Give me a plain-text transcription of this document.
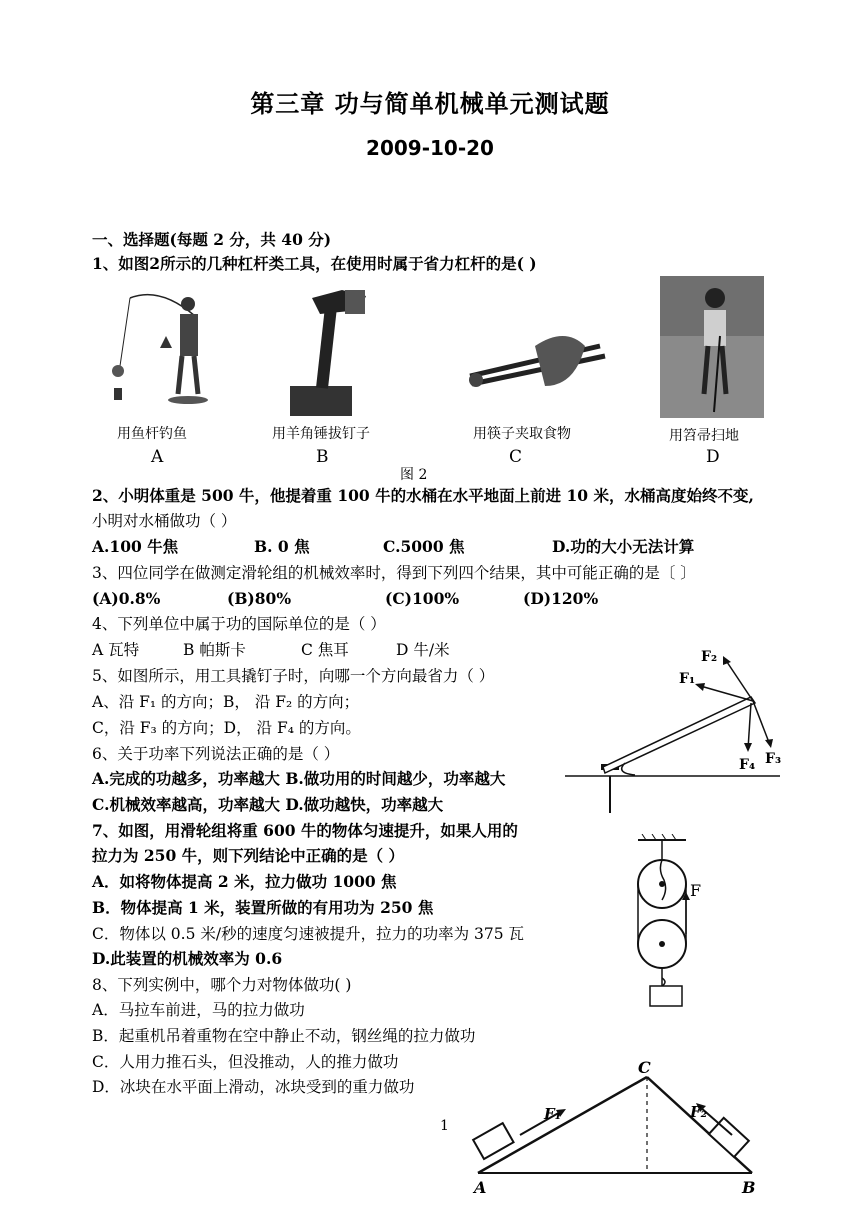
第三章 功与简单机械单元测试题
2009-10-20
一、选择题(每题 2 分，共 40 分)
1、如图2所示的几种杠杆类工具，在使用时属于省力杠杆的是( )
用鱼杆钓鱼	用羊角锤拔钉子	用筷子夹取食物	用笤帚扫地
A	B	C	D
图 2
2、小明体重是 500 牛，他提着重 100 牛的水桶在水平地面上前进 10 米，水桶高度始终不变,
小明对水桶做功（ ）
A.100 牛焦	B. 0 焦	C.5000 焦	D.功的大小无法计算
3、四位同学在做测定滑轮组的机械效率时，得到下列四个结果，其中可能正确的是〔 〕
(A)0.8%	(B)80%	(C)100%	(D)120%
4、下列单位中属于功的国际单位的是（ ）
A 瓦特	B 帕斯卡	C 焦耳	D 牛/米
5、如图所示，用工具撬钉子时，向哪一个方向最省力（ ）
A、沿 F₁ 的方向；B， 沿 F₂ 的方向；
C，沿 F₃ 的方向；D， 沿 F₄ 的方向。
F₁
F₂
F₃
F₄
6、关于功率下列说法正确的是（ ）
A.完成的功越多，功率越大 B.做功用的时间越少，功率越大
C.机械效率越高，功率越大 D.做功越快，功率越大
7、如图，用滑轮组将重 600 牛的物体匀速提升，如果人用的
拉力为 250 牛，则下列结论中正确的是（ ）
A．如将物体提高 2 米，拉力做功 1000 焦
B．物体提高 1 米，装置所做的有用功为 250 焦
C．物体以 0.5 米/秒的速度匀速被提升，拉力的功率为 375 瓦
D.此装置的机械效率为 0.6
F
8、下列实例中，哪个力对物体做功( )
A．马拉车前进，马的拉力做功
B．起重机吊着重物在空中静止不动，钢丝绳的拉力做功
C．人用力推石头，但没推动，人的推力做功
D．冰块在水平面上滑动，冰块受到的重力做功
A	B
C
F₁	F₂
1
